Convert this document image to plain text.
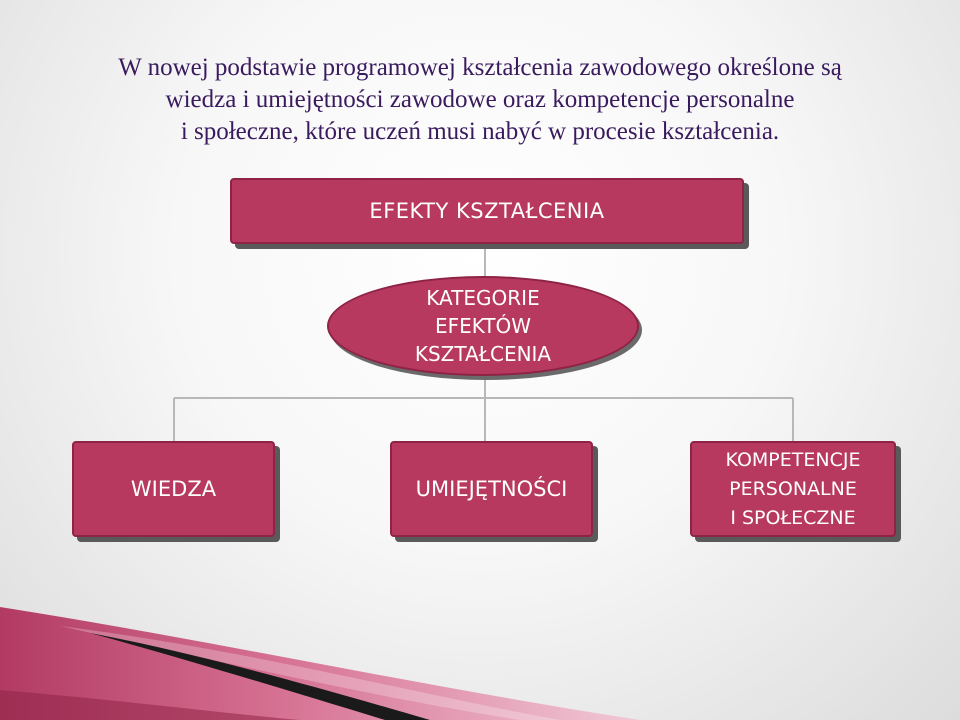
W nowej podstawie programowej kształcenia zawodowego określone są
wiedza i umiejętności zawodowe oraz kompetencje personalne
i społeczne, które uczeń musi nabyć w procesie kształcenia.

EFEKTY KSZTAŁCENIA
KATEGORIE
EFEKTÓW
KSZTAŁCENIA
WIEDZA	UMIEJĘTNOŚCI
KOMPETENCJE
PERSONALNE
I SPOŁECZNE
